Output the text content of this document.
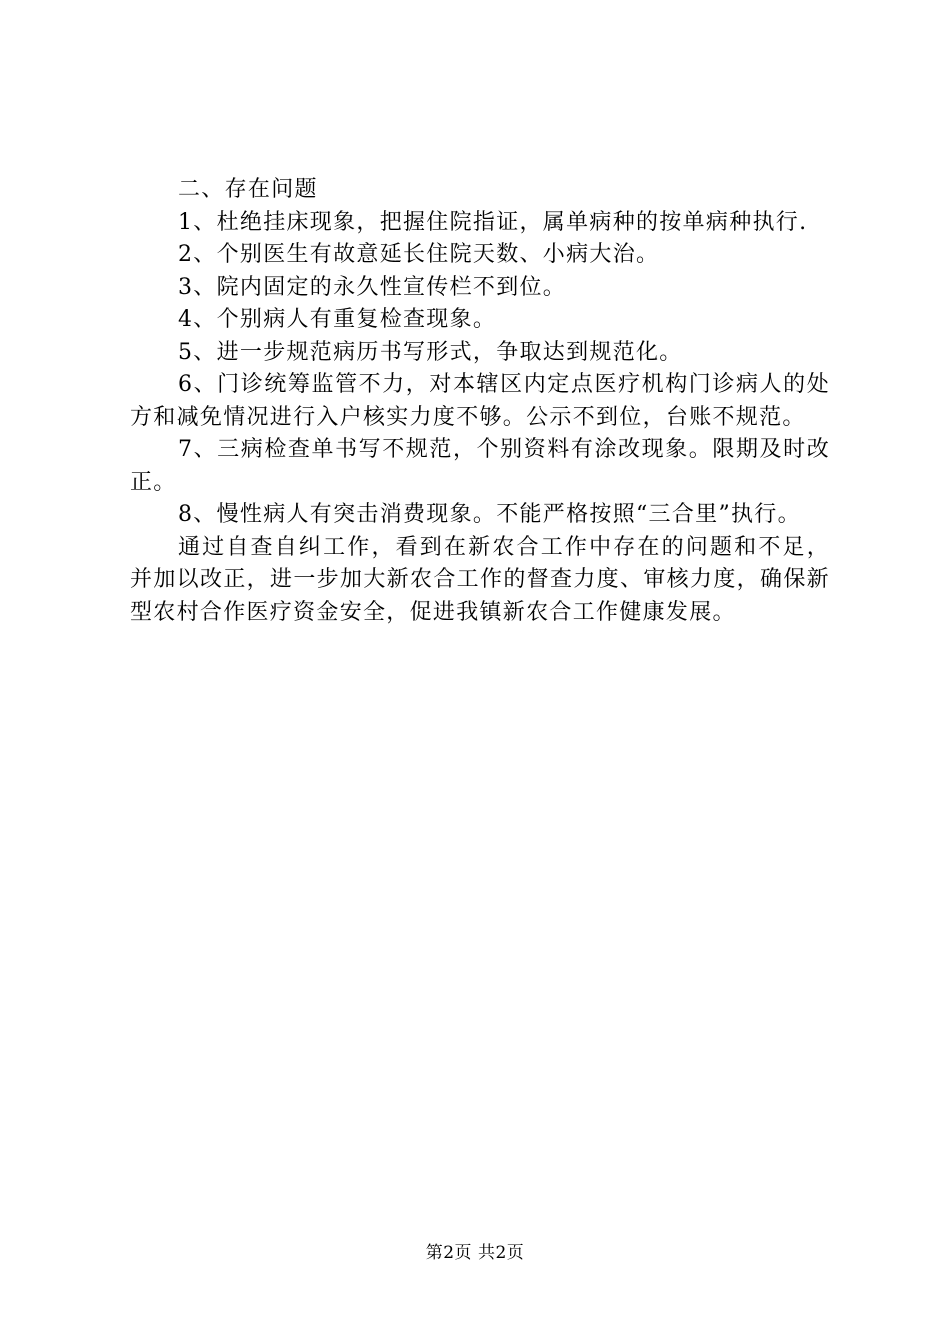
二、存在问题

1、杜绝挂床现象，把握住院指证，属单病种的按单病种执行.

2、个别医生有故意延长住院天数、小病大治。

3、院内固定的永久性宣传栏不到位。

4、个别病人有重复检查现象。

5、进一步规范病历书写形式，争取达到规范化。

6、门诊统筹监管不力，对本辖区内定点医疗机构门诊病人的处方和减免情况进行入户核实力度不够。公示不到位，台账不规范。

7、三病检查单书写不规范，个别资料有涂改现象。限期及时改正。

8、慢性病人有突击消费现象。不能严格按照“三合里”执行。

通过自查自纠工作，看到在新农合工作中存在的问题和不足，并加以改正，进一步加大新农合工作的督查力度、审核力度，确保新型农村合作医疗资金安全，促进我镇新农合工作健康发展。

第2页 共2页
